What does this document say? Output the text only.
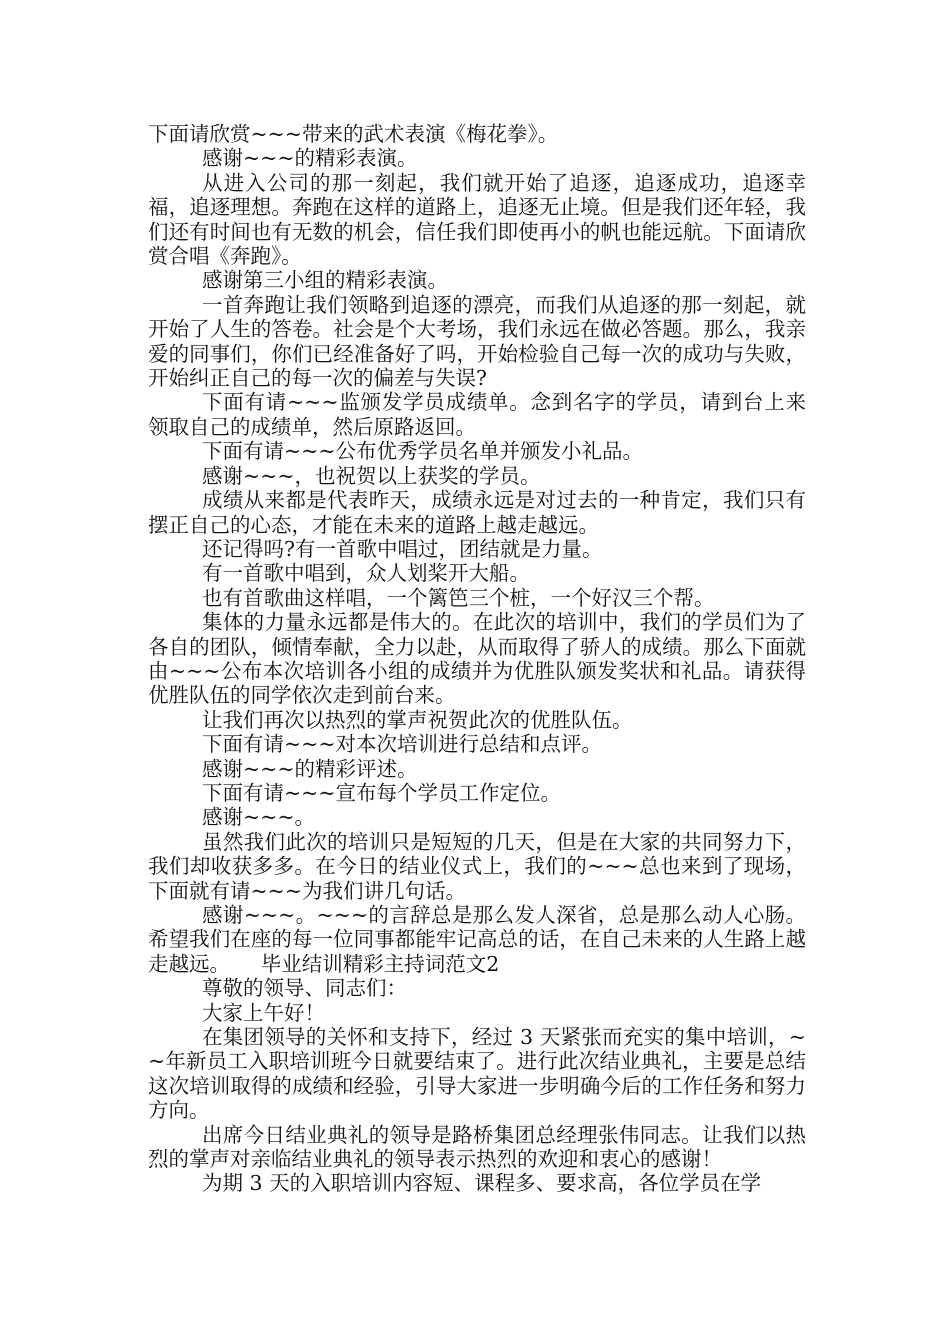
下面请欣赏~~~带来的武术表演《梅花拳》。

感谢~~~的精彩表演。

从进入公司的那一刻起，我们就开始了追逐，追逐成功，追逐幸福，追逐理想。奔跑在这样的道路上，追逐无止境。但是我们还年轻，我们还有时间也有无数的机会，信任我们即使再小的帆也能远航。下面请欣赏合唱《奔跑》。

感谢第三小组的精彩表演。

一首奔跑让我们领略到追逐的漂亮，而我们从追逐的那一刻起，就开始了人生的答卷。社会是个大考场，我们永远在做必答题。那么，我亲爱的同事们，你们已经准备好了吗，开始检验自己每一次的成功与失败，开始纠正自己的每一次的偏差与失误?

下面有请~~~监颁发学员成绩单。念到名字的学员，请到台上来领取自己的成绩单，然后原路返回。

下面有请~~~公布优秀学员名单并颁发小礼品。

感谢~~~，也祝贺以上获奖的学员。

成绩从来都是代表昨天，成绩永远是对过去的一种肯定，我们只有摆正自己的心态，才能在未来的道路上越走越远。

还记得吗?有一首歌中唱过，团结就是力量。

有一首歌中唱到，众人划桨开大船。

也有首歌曲这样唱，一个篱笆三个桩，一个好汉三个帮。

集体的力量永远都是伟大的。在此次的培训中，我们的学员们为了各自的团队，倾情奉献，全力以赴，从而取得了骄人的成绩。那么下面就由~~~公布本次培训各小组的成绩并为优胜队颁发奖状和礼品。请获得优胜队伍的同学依次走到前台来。

让我们再次以热烈的掌声祝贺此次的优胜队伍。

下面有请~~~对本次培训进行总结和点评。

感谢~~~的精彩评述。

下面有请~~~宣布每个学员工作定位。

感谢~~~。

虽然我们此次的培训只是短短的几天，但是在大家的共同努力下，我们却收获多多。在今日的结业仪式上，我们的~~~总也来到了现场，下面就有请~~~为我们讲几句话。

感谢~~~。~~~的言辞总是那么发人深省，总是那么动人心肠。希望我们在座的每一位同事都能牢记高总的话，在自己未来的人生路上越走越远。　　毕业结训精彩主持词范文2

尊敬的领导、同志们：

大家上午好！

在集团领导的关怀和支持下，经过 3 天紧张而充实的集中培训，~~年新员工入职培训班今日就要结束了。进行此次结业典礼，主要是总结这次培训取得的成绩和经验，引导大家进一步明确今后的工作任务和努力方向。

出席今日结业典礼的领导是路桥集团总经理张伟同志。让我们以热烈的掌声对亲临结业典礼的领导表示热烈的欢迎和衷心的感谢！

为期 3 天的入职培训内容短、课程多、要求高，各位学员在学
